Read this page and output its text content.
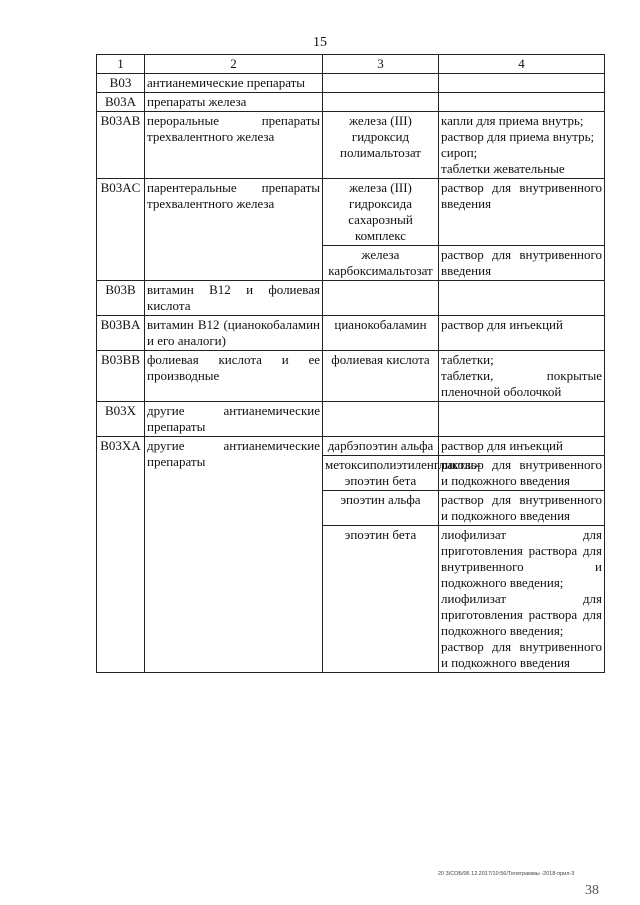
15
1	2	3	4
B03	антианемические препараты		
B03A	препараты железа		
B03AB	пероральные препараты трехвалентного железа	железа (III) гидроксид полимальтозат	капли для приема внутрь;
раствор для приема внутрь;
сироп;
таблетки жевательные

B03AC	парентеральные препараты трехвалентного железа	железа (III) гидроксида сахарозный комплекс	раствор для внутривенного введения

		железа карбоксимальтозат	раствор для внутривенного введения

B03B	витамин B12 и фолиевая кислота		
B03BA	витамин B12 (цианокобаламин и его аналоги)	цианокобаламин	раствор для инъекций

B03BB	фолиевая кислота и ее производные	фолиевая кислота	таблетки;
таблетки, покрытые пленочной оболочкой

B03X	другие антианемические препараты		
B03XA	другие антианемические препараты	дарбэпоэтин альфа	раствор для инъекций

		метоксиполиэтиленгликоль-эпоэтин бета	раствор для внутривенного и подкожного введения

		эпоэтин альфа	раствор для внутривенного и подкожного введения

		эпоэтин бета	лиофилизат для приготовления раствора для внутривенного и подкожного введения;
лиофилизат для приготовления раствора для подкожного введения;
раствор для внутривенного и подкожного введения
20 3/СОБ/06 12.2017/10:56/Телеграммы -2018-прил-3
38
